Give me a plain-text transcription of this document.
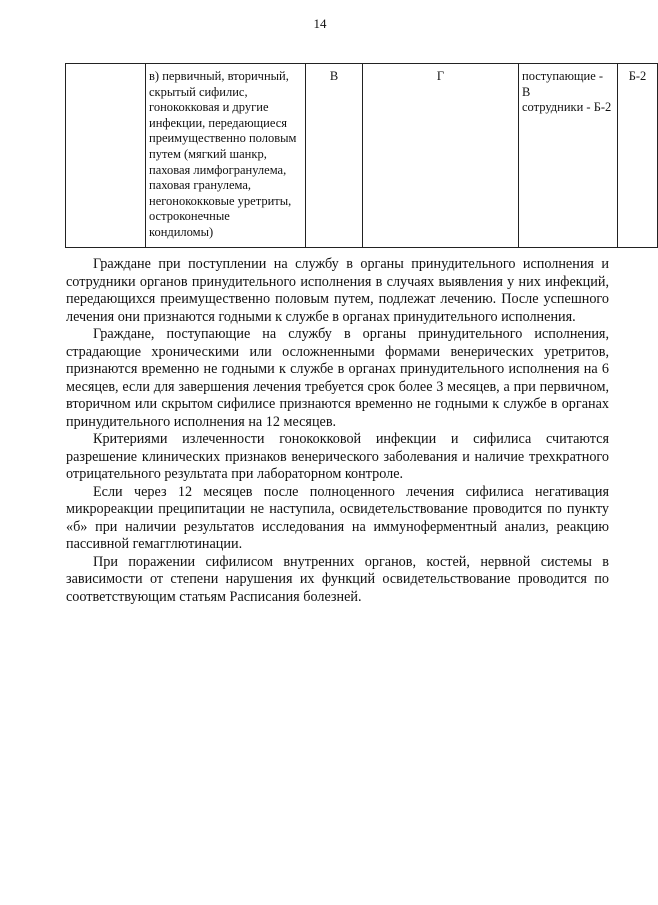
14
	в) первичный, вторичный,
скрытый сифилис,
гонококковая и другие
инфекции, передающиеся
преимущественно половым
путем (мягкий шанкр,
паховая лимфогранулема,
паховая гранулема,
негонококковые уретриты,
остроконечные
кондиломы)	В	Г	поступающие - В
сотрудники - Б-2	Б-2

Граждане при поступлении на службу в органы принудительного исполнения и сотрудники органов принудительного исполнения в случаях выявления у них инфекций, передающихся преимущественно половым путем, подлежат лечению. После успешного лечения они признаются годными к службе в органах принудительного исполнения.

Граждане, поступающие на службу в органы принудительного исполнения, страдающие хроническими или осложненными формами венерических уретритов, признаются временно не годными к службе в органах принудительного исполнения на 6 месяцев, если для завершения лечения требуется срок более 3 месяцев, а при первичном, вторичном или скрытом сифилисе признаются временно не годными к службе в органах принудительного исполнения на 12 месяцев.

Критериями излеченности гонококковой инфекции и сифилиса считаются разрешение клинических признаков венерического заболевания и наличие трехкратного отрицательного результата при лабораторном контроле.

Если через 12 месяцев после полноценного лечения сифилиса негативация микрореакции преципитации не наступила, освидетельствование проводится по пункту «б» при наличии результатов исследования на иммуноферментный анализ, реакцию пассивной гемагглютинации.

При поражении сифилисом внутренних органов, костей, нервной системы в зависимости от степени нарушения их функций освидетельствование проводится по соответствующим статьям Расписания болезней.
